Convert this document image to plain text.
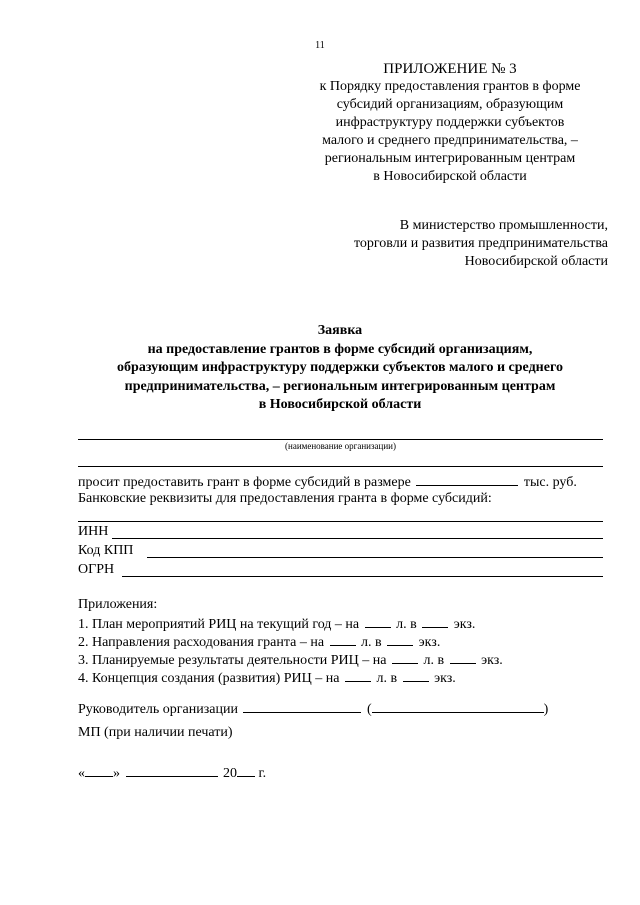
11
ПРИЛОЖЕНИЕ № 3
к Порядку предоставления грантов в форме
субсидий организациям, образующим
инфраструктуру поддержки субъектов
малого и среднего предпринимательства, –
региональным интегрированным центрам
в Новосибирской области
В министерство промышленности,
торговли и развития предпринимательства
Новосибирской области
Заявка
на предоставление грантов в форме субсидий организациям,
образующим инфраструктуру поддержки субъектов малого и среднего
предпринимательства, – региональным интегрированным центрам
в Новосибирской области
(наименование организации)
просит предоставить грант в форме субсидий в размере	тыс. руб.
Банковские реквизиты для предоставления гранта в форме субсидий:
ИНН
Код КПП
ОГРН
Приложения:
1. План мероприятий РИЦ на текущий год – на	л. в	экз.
2. Направления расходования гранта – на	л. в	экз.
3. Планируемые результаты деятельности РИЦ – на	л. в	экз.
4. Концепция создания (развития) РИЦ – на	л. в	экз.
Руководитель организации	(	)
МП (при наличии печати)
« »	20 г.
